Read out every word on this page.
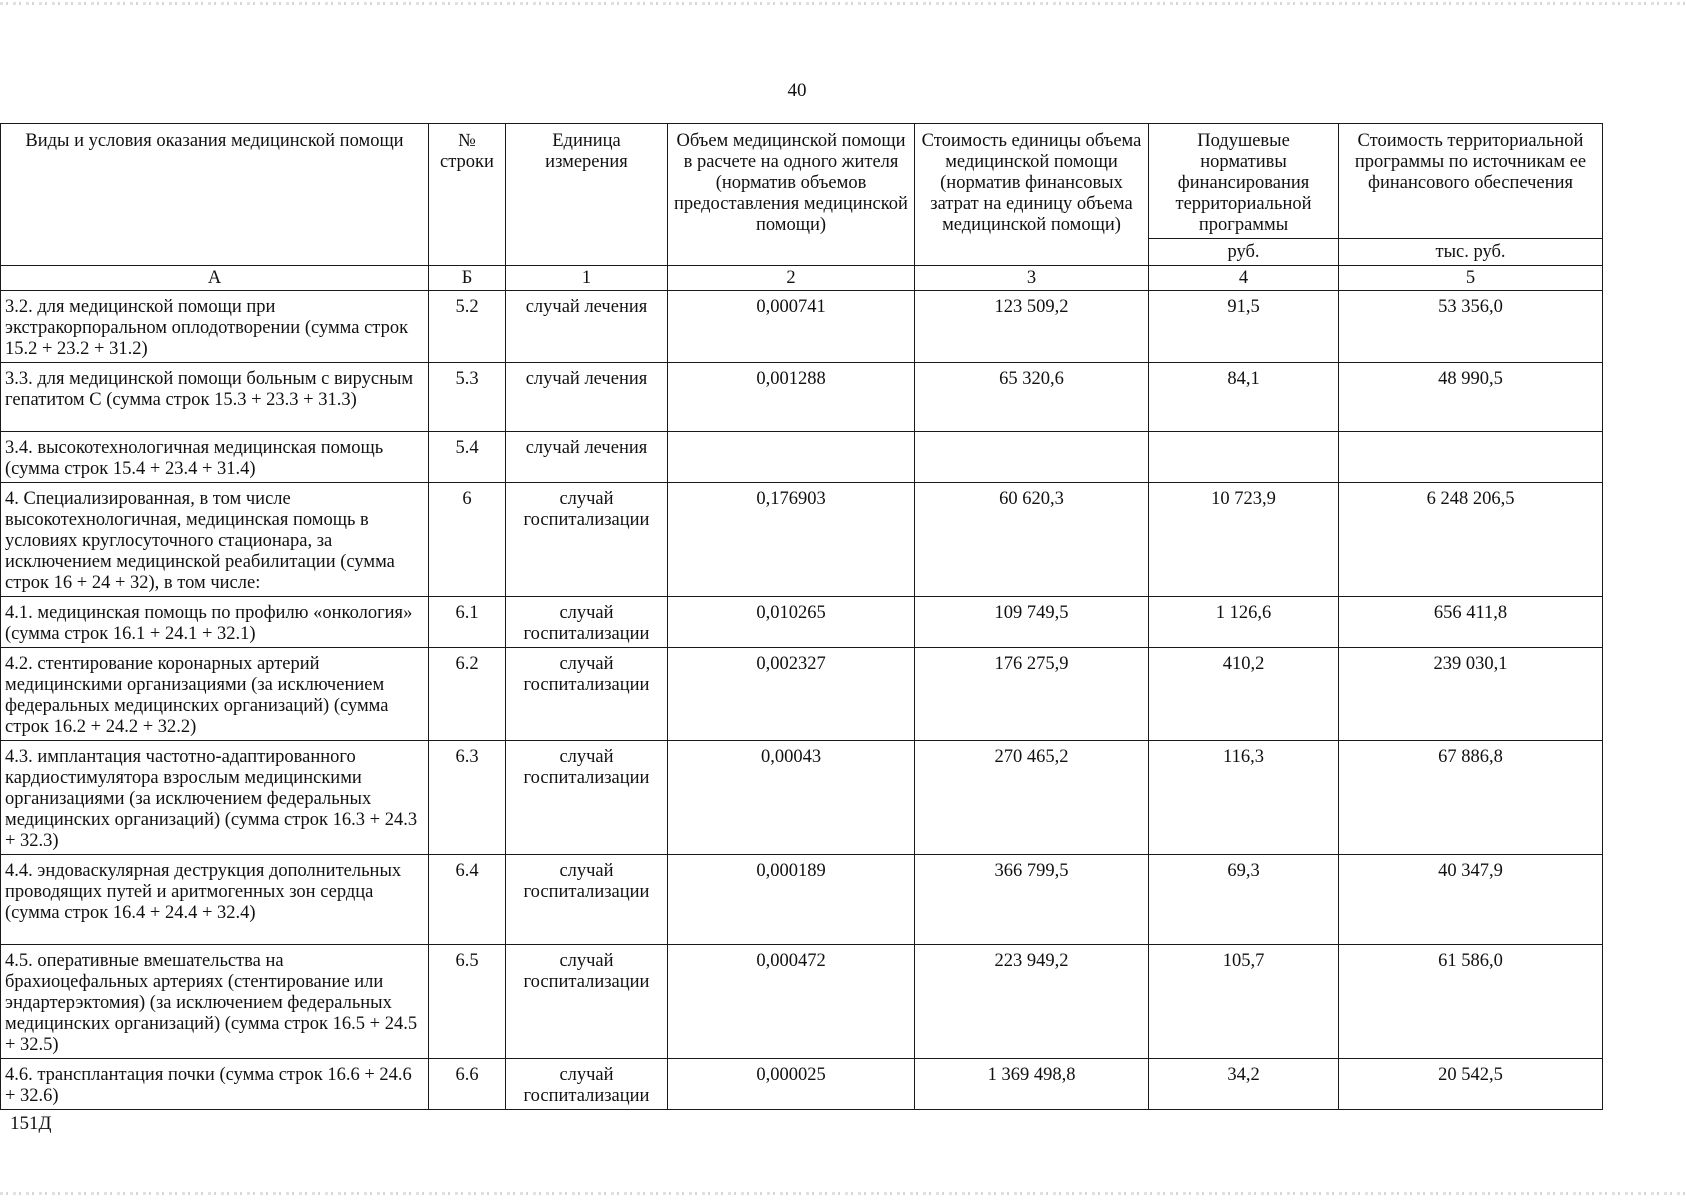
40
Виды и условия оказания медицинской помощи	№ строки	Единица измерения	Объем медицинской помощи в расчете на одного жителя (норматив объемов предоставления медицинской помощи)	Стоимость единицы объема медицинской помощи (норматив финансовых затрат на единицу объема медицинской помощи)	Подушевые нормативы финансирования территориальной программы	Стоимость территориальной программы по источникам ее финансового обеспечения
					руб.	тыс. руб.
А	Б	1	2	3	4	5
3.2. для медицинской помощи при экстракорпоральном оплодотворении (сумма строк 15.2 + 23.2 + 31.2)	5.2	случай лечения	0,000741	123 509,2	91,5	53 356,0
3.3. для медицинской помощи больным с вирусным гепатитом С (сумма строк 15.3 + 23.3 + 31.3)	5.3	случай лечения	0,001288	65 320,6	84,1	48 990,5
3.4. высокотехнологичная медицинская помощь (сумма строк 15.4 + 23.4 + 31.4)	5.4	случай лечения				
4. Специализированная, в том числе высокотехнологичная, медицинская помощь в условиях круглосуточного стационара, за исключением медицинской реабилитации (сумма строк 16 + 24 + 32), в том числе:	6	случай госпитализации	0,176903	60 620,3	10 723,9	6 248 206,5
4.1. медицинская помощь по профилю «онкология» (сумма строк 16.1 + 24.1 + 32.1)	6.1	случай госпитализации	0,010265	109 749,5	1 126,6	656 411,8
4.2. стентирование коронарных артерий медицинскими организациями (за исключением федеральных медицинских организаций) (сумма строк 16.2 + 24.2 + 32.2)	6.2	случай госпитализации	0,002327	176 275,9	410,2	239 030,1
4.3. имплантация частотно-адаптированного кардиостимулятора взрослым медицинскими организациями (за исключением федеральных медицинских организаций) (сумма строк 16.3 + 24.3 + 32.3)	6.3	случай госпитализации	0,00043	270 465,2	116,3	67 886,8
4.4. эндоваскулярная деструкция дополнительных проводящих путей и аритмогенных зон сердца (сумма строк 16.4 + 24.4 + 32.4)	6.4	случай госпитализации	0,000189	366 799,5	69,3	40 347,9
4.5. оперативные вмешательства на брахиоцефальных артериях (стентирование или эндартерэктомия) (за исключением федеральных медицинских организаций) (сумма строк 16.5 + 24.5 + 32.5)	6.5	случай госпитализации	0,000472	223 949,2	105,7	61 586,0
4.6. трансплантация почки (сумма строк 16.6 + 24.6 + 32.6)	6.6	случай госпитализации	0,000025	1 369 498,8	34,2	20 542,5
151Д
